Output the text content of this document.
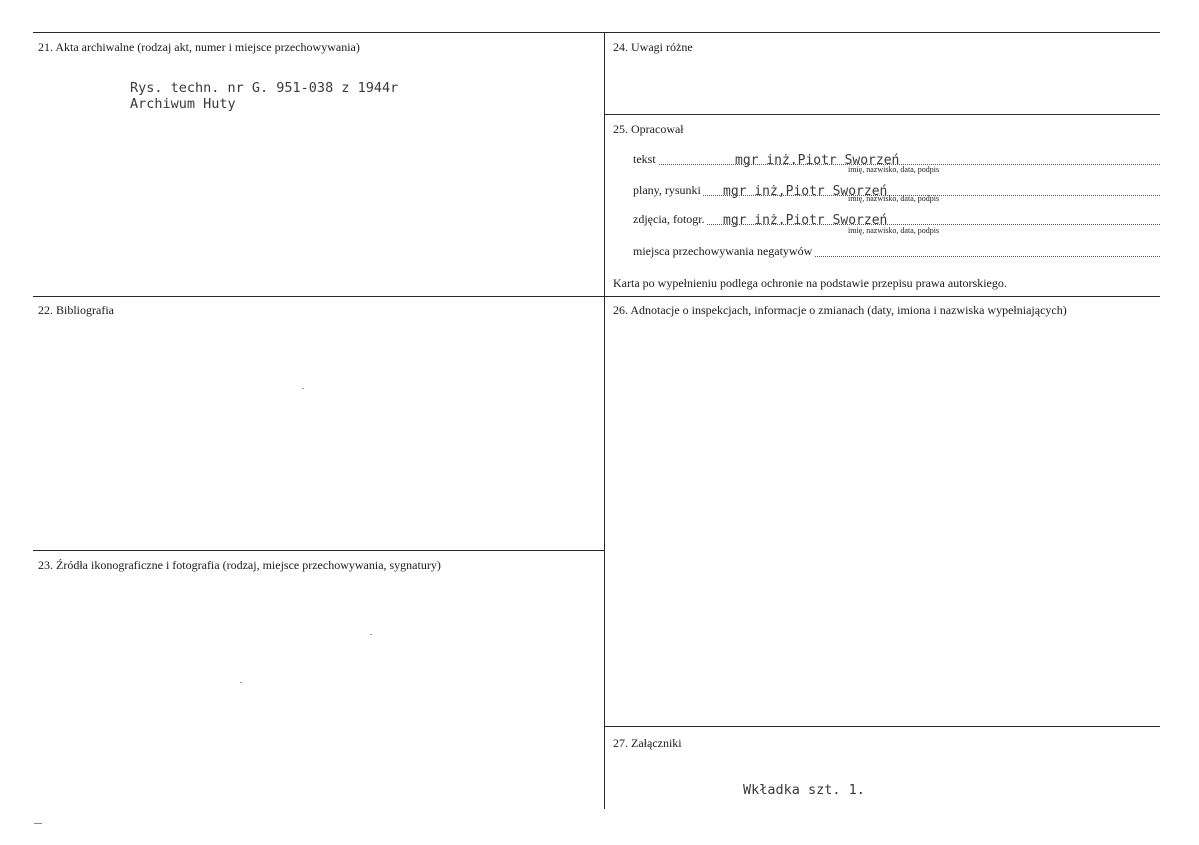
21. Akta archiwalne (rodzaj akt, numer i miejsce przechowywania)
Rys. techn. nr G. 951-038 z 1944r
Archiwum Huty
22. Bibliografia
23. Źródła ikonograficzne i fotografia (rodzaj, miejsce przechowywania, sygnatury)
24. Uwagi różne
25. Opracował
tekst	mgr inż.Piotr Sworzeń
imię, nazwisko, data, podpis
plany, rysunki mgr inż,Piotr Sworzeń
imię, nazwisko, data, podpis
zdjęcia, fotogr. mgr inż.Piotr Sworzeń
imię, nazwisko, data, podpis
miejsca przechowywania negatywów
Karta po wypełnieniu podlega ochronie na podstawie przepisu prawa autorskiego.
26. Adnotacje o inspekcjach, informacje o zmianach (daty, imiona i nazwiska wypełniających)
27. Załączniki
Wkładka szt. 1.
